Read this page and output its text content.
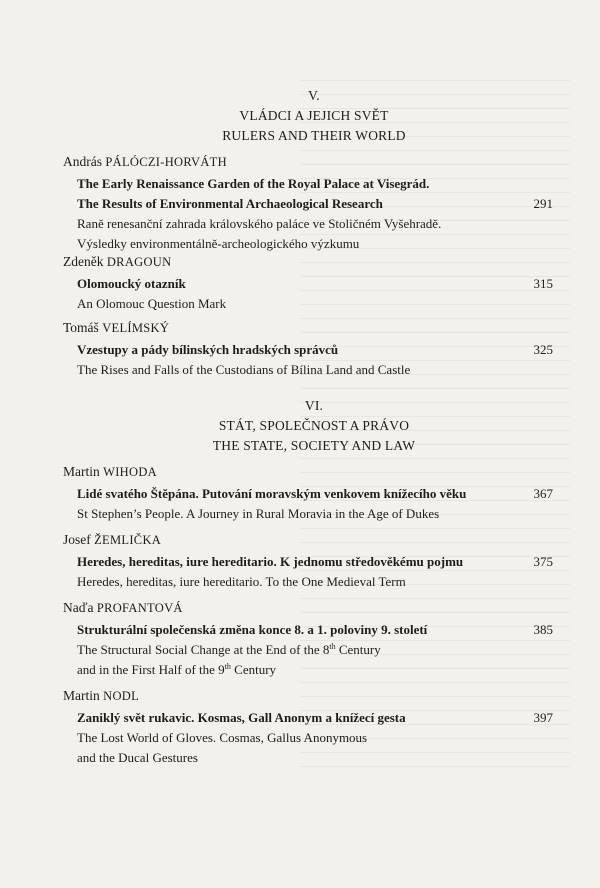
V.
VLÁDCI A JEJICH SVĚT
RULERS AND THEIR WORLD
András PÁLÓCZI-HORVÁTH
The Early Renaissance Garden of the Royal Palace at Visegrád.
The Results of Environmental Archaeological Research	291
Raně renesanční zahrada královského paláce ve Stoličném Vyšehradě.
Výsledky environmentálně-archeologického výzkumu
Zdeněk DRAGOUN
Olomoucký otazník	315
An Olomouc Question Mark
Tomáš VELÍMSKÝ
Vzestupy a pády bílinských hradských správců	325
The Rises and Falls of the Custodians of Bílina Land and Castle
VI.
STÁT, SPOLEČNOST A PRÁVO
THE STATE, SOCIETY AND LAW
Martin WIHODA
Lidé svatého Štěpána. Putování moravským venkovem knížecího věku	367
St Stephen’s People. A Journey in Rural Moravia in the Age of Dukes
Josef ŽEMLIČKA
Heredes, hereditas, iure hereditario. K jednomu středověkému pojmu	375
Heredes, hereditas, iure hereditario. To the One Medieval Term
Naďa PROFANTOVÁ
Strukturální společenská změna konce 8. a 1. poloviny 9. století	385
The Structural Social Change at the End of the 8th Century
and in the First Half of the 9th Century
Martin NODL
Zaniklý svět rukavic. Kosmas, Gall Anonym a knížecí gesta	397
The Lost World of Gloves. Cosmas, Gallus Anonymous
and the Ducal Gestures
